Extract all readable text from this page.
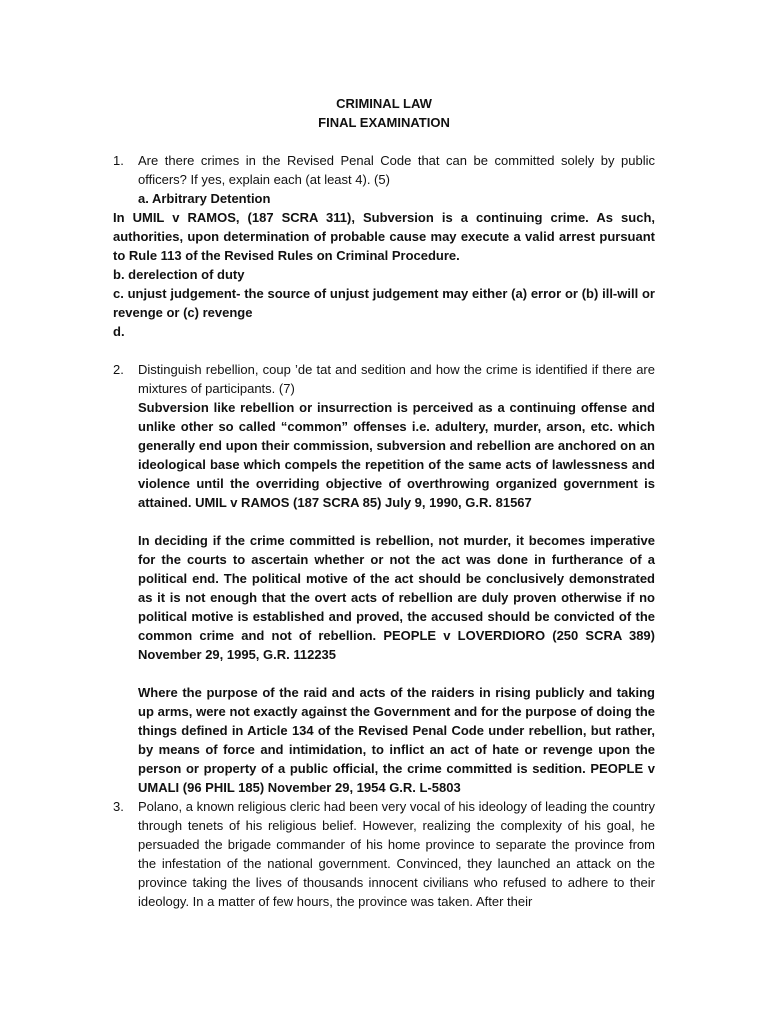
CRIMINAL LAW

FINAL EXAMINATION

1. Are there crimes in the Revised Penal Code that can be committed solely by public officers? If yes, explain each (at least 4). (5)

a. Arbitrary Detention

In UMIL v RAMOS, (187 SCRA 311), Subversion is a continuing crime. As such, authorities, upon determination of probable cause may execute a valid arrest pursuant to Rule 113 of the Revised Rules on Criminal Procedure.

b. derelection of duty

c. unjust judgement- the source of unjust judgement may either (a) error or (b) ill-will or revenge or (c) revenge

d.

2. Distinguish rebellion, coup ’de tat and sedition and how the crime is identified if there are mixtures of participants. (7)

Subversion like rebellion or insurrection is perceived as a continuing offense and unlike other so called “common” offenses i.e. adultery, murder, arson, etc. which generally end upon their commission, subversion and rebellion are anchored on an ideological base which compels the repetition of the same acts of lawlessness and violence until the overriding objective of overthrowing organized government is attained. UMIL v RAMOS (187 SCRA 85) July 9, 1990, G.R. 81567

In deciding if the crime committed is rebellion, not murder, it becomes imperative for the courts to ascertain whether or not the act was done in furtherance of a political end. The political motive of the act should be conclusively demonstrated as it is not enough that the overt acts of rebellion are duly proven otherwise if no political motive is established and proved, the accused should be convicted of the common crime and not of rebellion. PEOPLE v LOVERDIORO (250 SCRA 389) November 29, 1995, G.R. 112235

Where the purpose of the raid and acts of the raiders in rising publicly and taking up arms, were not exactly against the Government and for the purpose of doing the things defined in Article 134 of the Revised Penal Code under rebellion, but rather, by means of force and intimidation, to inflict an act of hate or revenge upon the person or property of a public official, the crime committed is sedition. PEOPLE v UMALI (96 PHIL 185) November 29, 1954 G.R. L-5803

3. Polano, a known religious cleric had been very vocal of his ideology of leading the country through tenets of his religious belief. However, realizing the complexity of his goal, he persuaded the brigade commander of his home province to separate the province from the infestation of the national government. Convinced, they launched an attack on the province taking the lives of thousands innocent civilians who refused to adhere to their ideology. In a matter of few hours, the province was taken. After their
